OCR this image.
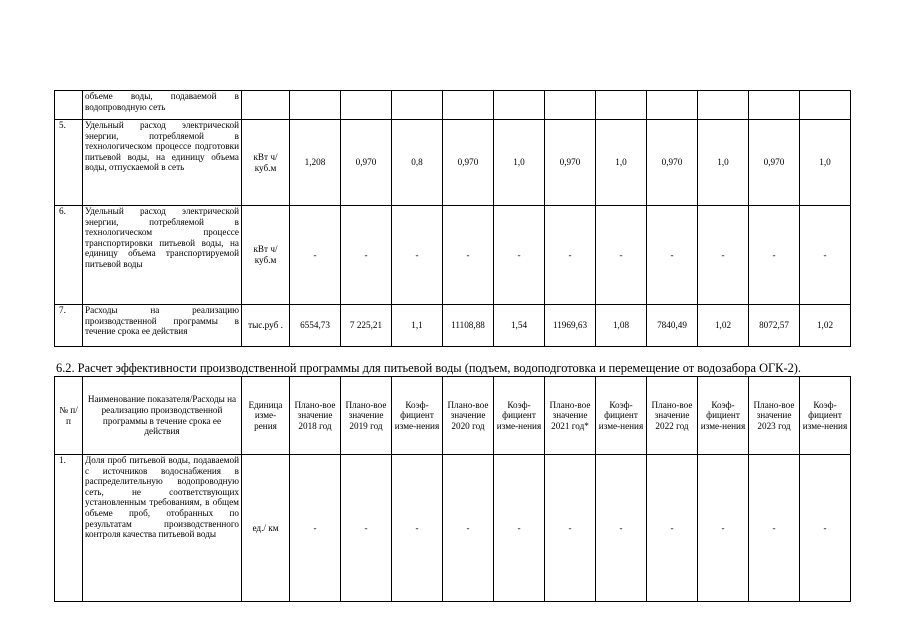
	объеме воды, подаваемой в водопроводную сеть												
5.	Удельный расход электрической энергии, потребляемой в технологическом процессе подготовки питьевой воды, на единицу объема воды, отпускаемой в сеть	кВт ч/куб.м	1,208	0,970	0,8	0,970	1,0	0,970	1,0	0,970	1,0	0,970	1,0
6.	Удельный расход электрической энергии, потребляемой в технологическом процессе транспортировки питьевой воды, на единицу объема транспортируемой питьевой воды	кВт ч/куб.м	-	-	-	-	-	-	-	-	-	-	-
7.	Расходы на реализацию производственной программы в течение срока ее действия	тыс.руб .	6554,73	7 225,21	1,1	11108,88	1,54	11969,63	1,08	7840,49	1,02	8072,57	1,02
6.2. Расчет эффективности производственной программы для питьевой воды (подъем, водоподготовка и перемещение от водозабора ОГК-2).
№ п/п	Наименование показателя/Расходы на реализацию производственной программы в течение срока ее действия	Единица изме-рения	Плано-вое значение 2018 год	Плано-вое значение 2019 год	Коэф-фициент изме-нения	Плано-вое значение 2020 год	Коэф-фициент изме-нения	Плано-вое значение 2021 год*	Коэф-фициент изме-нения	Плано-вое значение 2022 год	Коэф-фициент изме-нения	Плано-вое значение 2023 год	Коэф-фициент изме-нения
1.	Доля проб питьевой воды, подаваемой с источников водоснабжения в распределительную водопроводную сеть, не соответствующих установленным требованиям, в общем объеме проб, отобранных по результатам производственного контроля качества питьевой воды	ед./ км	-	-	-	-	-	-	-	-	-	-	-
